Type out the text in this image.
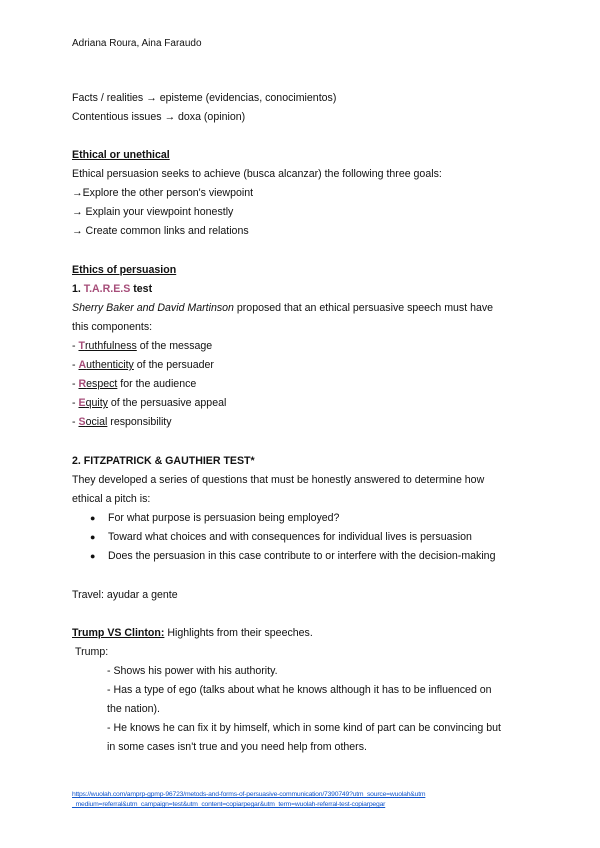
Adriana Roura, Aina Faraudo
Facts / realities → episteme (evidencias, conocimientos)
Contentious issues → doxa (opinion)
Ethical or unethical
Ethical persuasion seeks to achieve (busca alcanzar) the following three goals:
→Explore the other person's viewpoint
→ Explain your viewpoint honestly
→ Create common links and relations
Ethics of persuasion
1. T.A.R.E.S test
Sherry Baker and David Martinson proposed that an ethical persuasive speech must have
this components:
- Truthfulness of the message
- Authenticity of the persuader
- Respect for the audience
- Equity of the persuasive appeal
- Social responsibility
2. FITZPATRICK & GAUTHIER TEST*
They developed a series of questions that must be honestly answered to determine how
ethical a pitch is:
● For what purpose is persuasion being employed?
● Toward what choices and with consequences for individual lives is persuasion
● Does the persuasion in this case contribute to or interfere with the decision-making
Travel: ayudar a gente
Trump VS Clinton: Highlights from their speeches.
Trump:
- Shows his power with his authority.
- Has a type of ego (talks about what he knows although it has to be influenced on
the nation).
- He knows he can fix it by himself, which in some kind of part can be convincing but
in some cases isn't true and you need help from others.
https://wuolah.com/amprp-gpmp-96723/metods-and-forms-of-persuasive-communication/7390749?utm_source=wuolah&utm
_medium=referral&utm_campaign=test&utm_content=copiarpegar&utm_term=wuolah-referral-test-copiarpegar
